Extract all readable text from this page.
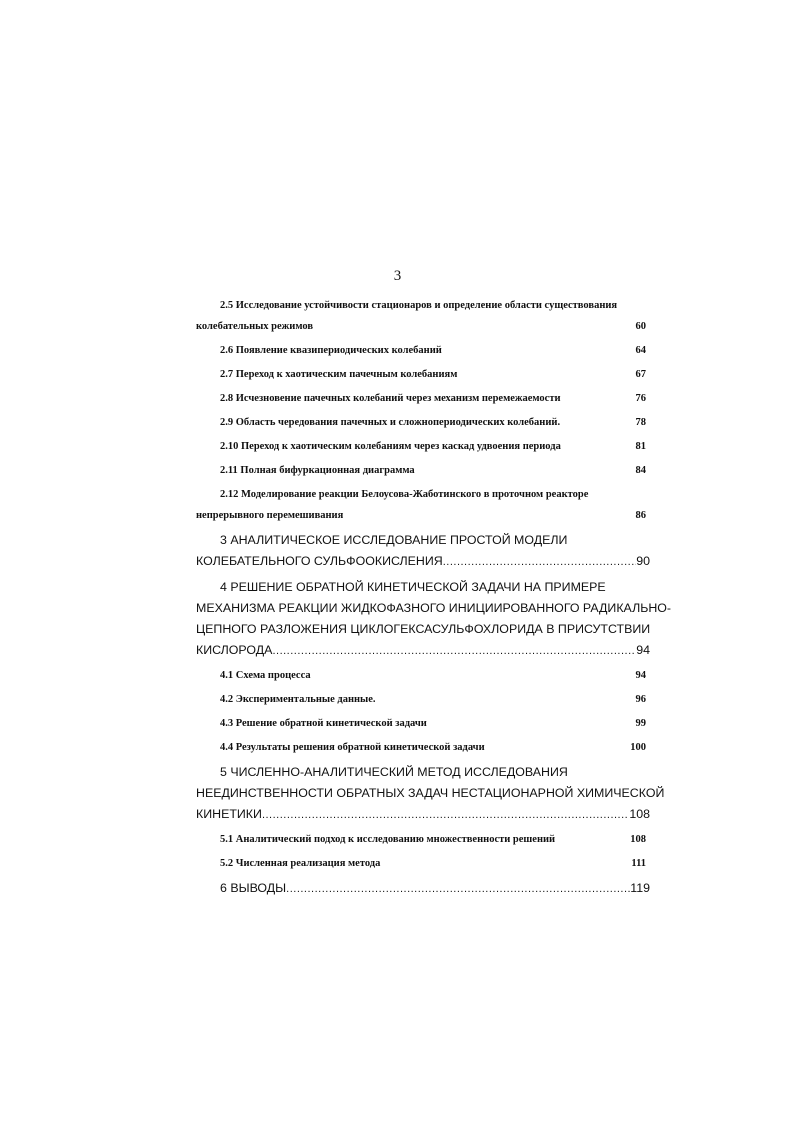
3
2.5 Исследование устойчивости стационаров и определение области существования
колебательных режимов	60
2.6 Появление квазипериодических колебаний	64
2.7 Переход к хаотическим пачечным колебаниям	67
2.8 Исчезновение пачечных колебаний через механизм перемежаемости	76
2.9 Область чередования пачечных и сложнопериодических колебаний.	78
2.10 Переход к хаотическим колебаниям через каскад удвоения периода	81
2.11 Полная бифуркационная диаграмма	84
2.12 Моделирование реакции Белоусова-Жаботинского в проточном реакторе
непрерывного перемешивания	86
3 АНАЛИТИЧЕСКОЕ ИССЛЕДОВАНИЕ ПРОСТОЙ МОДЕЛИ
КОЛЕБАТЕЛЬНОГО СУЛЬФООКИСЛЕНИЯ .....	90
4 РЕШЕНИЕ ОБРАТНОЙ КИНЕТИЧЕСКОЙ ЗАДАЧИ НА ПРИМЕРЕ
МЕХАНИЗМА РЕАКЦИИ ЖИДКОФАЗНОГО ИНИЦИИРОВАННОГО РАДИКАЛЬНО-
ЦЕПНОГО РАЗЛОЖЕНИЯ ЦИКЛОГЕКСАСУЛЬФОХЛОРИДА В ПРИСУТСТВИИ
КИСЛОРОДА .....	94
4.1 Схема процесса	94
4.2 Экспериментальные данные.	96
4.3 Решение обратной кинетической задачи	99
4.4 Результаты решения обратной кинетической задачи	100
5 ЧИСЛЕННО-АНАЛИТИЧЕСКИЙ МЕТОД ИССЛЕДОВАНИЯ
НЕЕДИНСТВЕННОСТИ ОБРАТНЫХ ЗАДАЧ НЕСТАЦИОНАРНОЙ ХИМИЧЕСКОЙ
КИНЕТИКИ .....	108
5.1 Аналитический подход к исследованию множественности решений	108
5.2 Численная реализация метода	111
6 ВЫВОДЫ .....	119
